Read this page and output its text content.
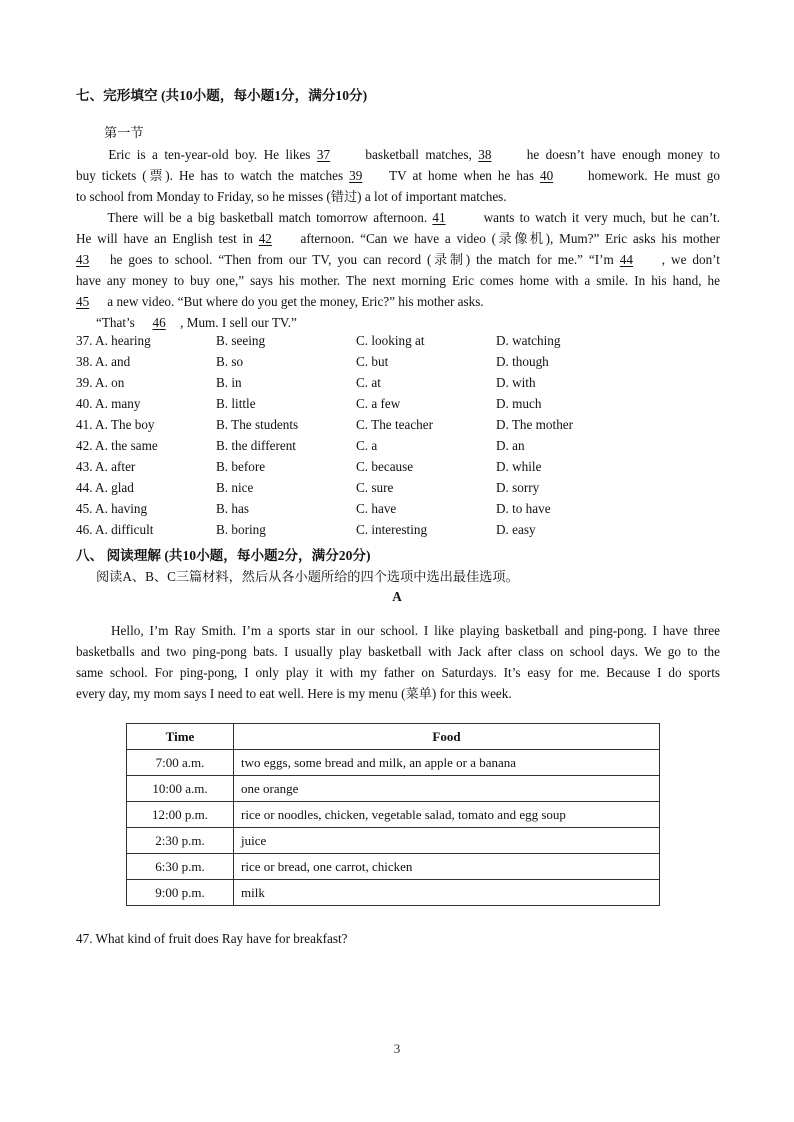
七、完形填空 (共10小题，每小题1分，满分10分)
第一节
Eric is a ten-year-old boy. He likes 37 basketball matches, 38 he doesn’t have enough money to
buy tickets (票). He has to watch the matches 39 TV at home when he has 40 homework. He must go
to school from Monday to Friday, so he misses (错过) a lot of important matches.
There will be a big basketball match tomorrow afternoon. 41 wants to watch it very much, but he can’t.
He will have an English test in 42 afternoon. “Can we have a video (录像机), Mum?” Eric asks his mother
43 he goes to school. “Then from our TV, you can record (录制) the match for me.” “I’m 44 , we don’t
have any money to buy one,” says his mother. The next morning Eric comes home with a smile. In his hand, he
45 a new video. “But where do you get the money, Eric?” his mother asks.
“That’s 46 , Mum. I sell our TV.”
37. A. hearing	B. seeing	C. looking at	D. watching
38. A. and	B. so	C. but	D. though
39. A. on	B. in	C. at	D. with
40. A. many	B. little	C. a few	D. much
41. A. The boy	B. The students	C. The teacher	D. The mother
42. A. the same	B. the different	C. a	D. an
43. A. after	B. before	C. because	D. while
44. A. glad	B. nice	C. sure	D. sorry
45. A. having	B. has	C. have	D. to have
46. A. difficult	B. boring	C. interesting	D. easy
八、 阅读理解 (共10小题，每小题2分，满分20分)
阅读A、B、C三篇材料，然后从各小题所给的四个选项中选出最佳选项。
A
Hello, I’m Ray Smith. I’m a sports star in our school. I like playing basketball and ping-pong. I have three
basketballs and two ping-pong bats. I usually play basketball with Jack after class on school days. We go to the
same school. For ping-pong, I only play it with my father on Saturdays. It’s easy for me. Because I do sports
every day, my mom says I need to eat well. Here is my menu (菜单) for this week.
Time	Food
7:00 a.m.	two eggs, some bread and milk, an apple or a banana
10:00 a.m.	one orange
12:00 p.m.	rice or noodles, chicken, vegetable salad, tomato and egg soup
2:30 p.m.	juice
6:30 p.m.	rice or bread, one carrot, chicken
9:00 p.m.	milk
47. What kind of fruit does Ray have for breakfast?
3
